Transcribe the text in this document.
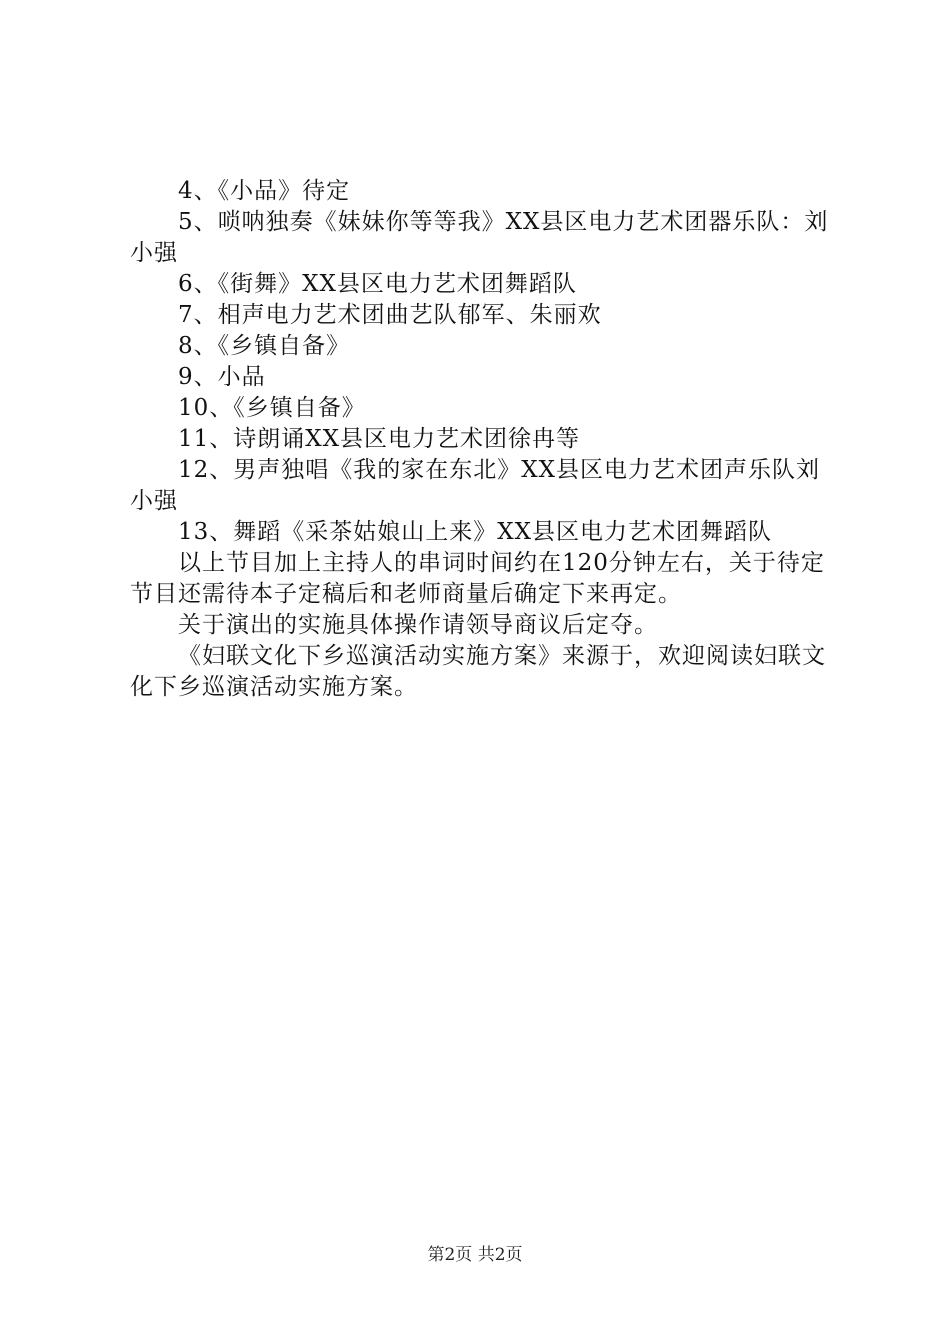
4、《小品》待定

5、唢呐独奏《妹妹你等等我》XX县区电力艺术团器乐队：刘小强

6、《街舞》XX县区电力艺术团舞蹈队

7、相声电力艺术团曲艺队郁军、朱丽欢

8、《乡镇自备》

9、小品

10、《乡镇自备》

11、诗朗诵XX县区电力艺术团徐冉等

12、男声独唱《我的家在东北》XX县区电力艺术团声乐队刘小强

13、舞蹈《采茶姑娘山上来》XX县区电力艺术团舞蹈队

以上节目加上主持人的串词时间约在120分钟左右，关于待定节目还需待本子定稿后和老师商量后确定下来再定。

关于演出的实施具体操作请领导商议后定夺。

《妇联文化下乡巡演活动实施方案》来源于，欢迎阅读妇联文化下乡巡演活动实施方案。

第2页 共2页
